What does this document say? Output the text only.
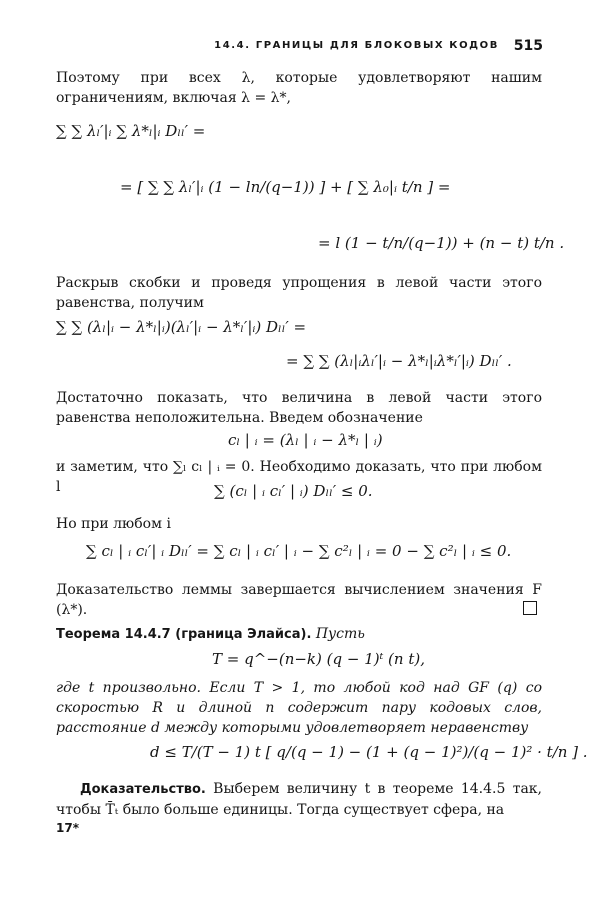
14.4. ГРАНИЦЫ ДЛЯ БЛОКОВЫХ КОДОВ 515
Поэтому при всех λ, которые удовлетворяют нашим ограничениям, включая λ = λ*,
∑ ∑ λₗ′|ᵢ ∑ λ*ₗ|ᵢ Dₗₗ′ =
= [ ∑ ∑ λₗ′|ᵢ (1 − ln/(q−1)) ] + [ ∑ λ₀|ᵢ t/n ] =
= l (1 − t/n/(q−1)) + (n − t) t/n .
Раскрыв скобки и проведя упрощения в левой части этого равенства, получим
∑ ∑ (λₗ|ᵢ − λ*ₗ|ᵢ)(λₗ′|ᵢ − λ*ₗ′|ᵢ) Dₗₗ′ =
= ∑ ∑ (λₗ|ᵢλₗ′|ᵢ − λ*ₗ|ᵢλ*ₗ′|ᵢ) Dₗₗ′ .
Достаточно показать, что величина в левой части этого равенства неположительна. Введем обозначение
cₗ | ᵢ = (λₗ | ᵢ − λ*ₗ | ᵢ)
и заметим, что ∑ₗ cₗ | ᵢ = 0. Необходимо доказать, что при любом l	∑ (cₗ | ᵢ cₗ′ | ᵢ) Dₗₗ′ ≤ 0.
Но при любом i
∑ cₗ | ᵢ cₗ′| ᵢ Dₗₗ′ = ∑ cₗ | ᵢ cₗ′ | ᵢ − ∑ c²ₗ | ᵢ = 0 − ∑ c²ₗ | ᵢ ≤ 0.
Доказательство леммы завершается вычислением значения F (λ*).
Теорема 14.4.7 (граница Элайса). Пусть
T = q^−(n−k) (q − 1)ᵗ (n t),
где t произвольно. Если T > 1, то любой код над GF (q) со скоростью R и длиной n содержит пару кодовых слов, расстояние d между которыми удовлетворяет неравенству
d ≤ T/(T − 1) t [ q/(q − 1) − (1 + (q − 1)²)/(q − 1)² · t/n ] .
Доказательство. Выберем величину t в теореме 14.4.5 так, чтобы T̄ₜ было больше единицы. Тогда существует сфера, на
17*
